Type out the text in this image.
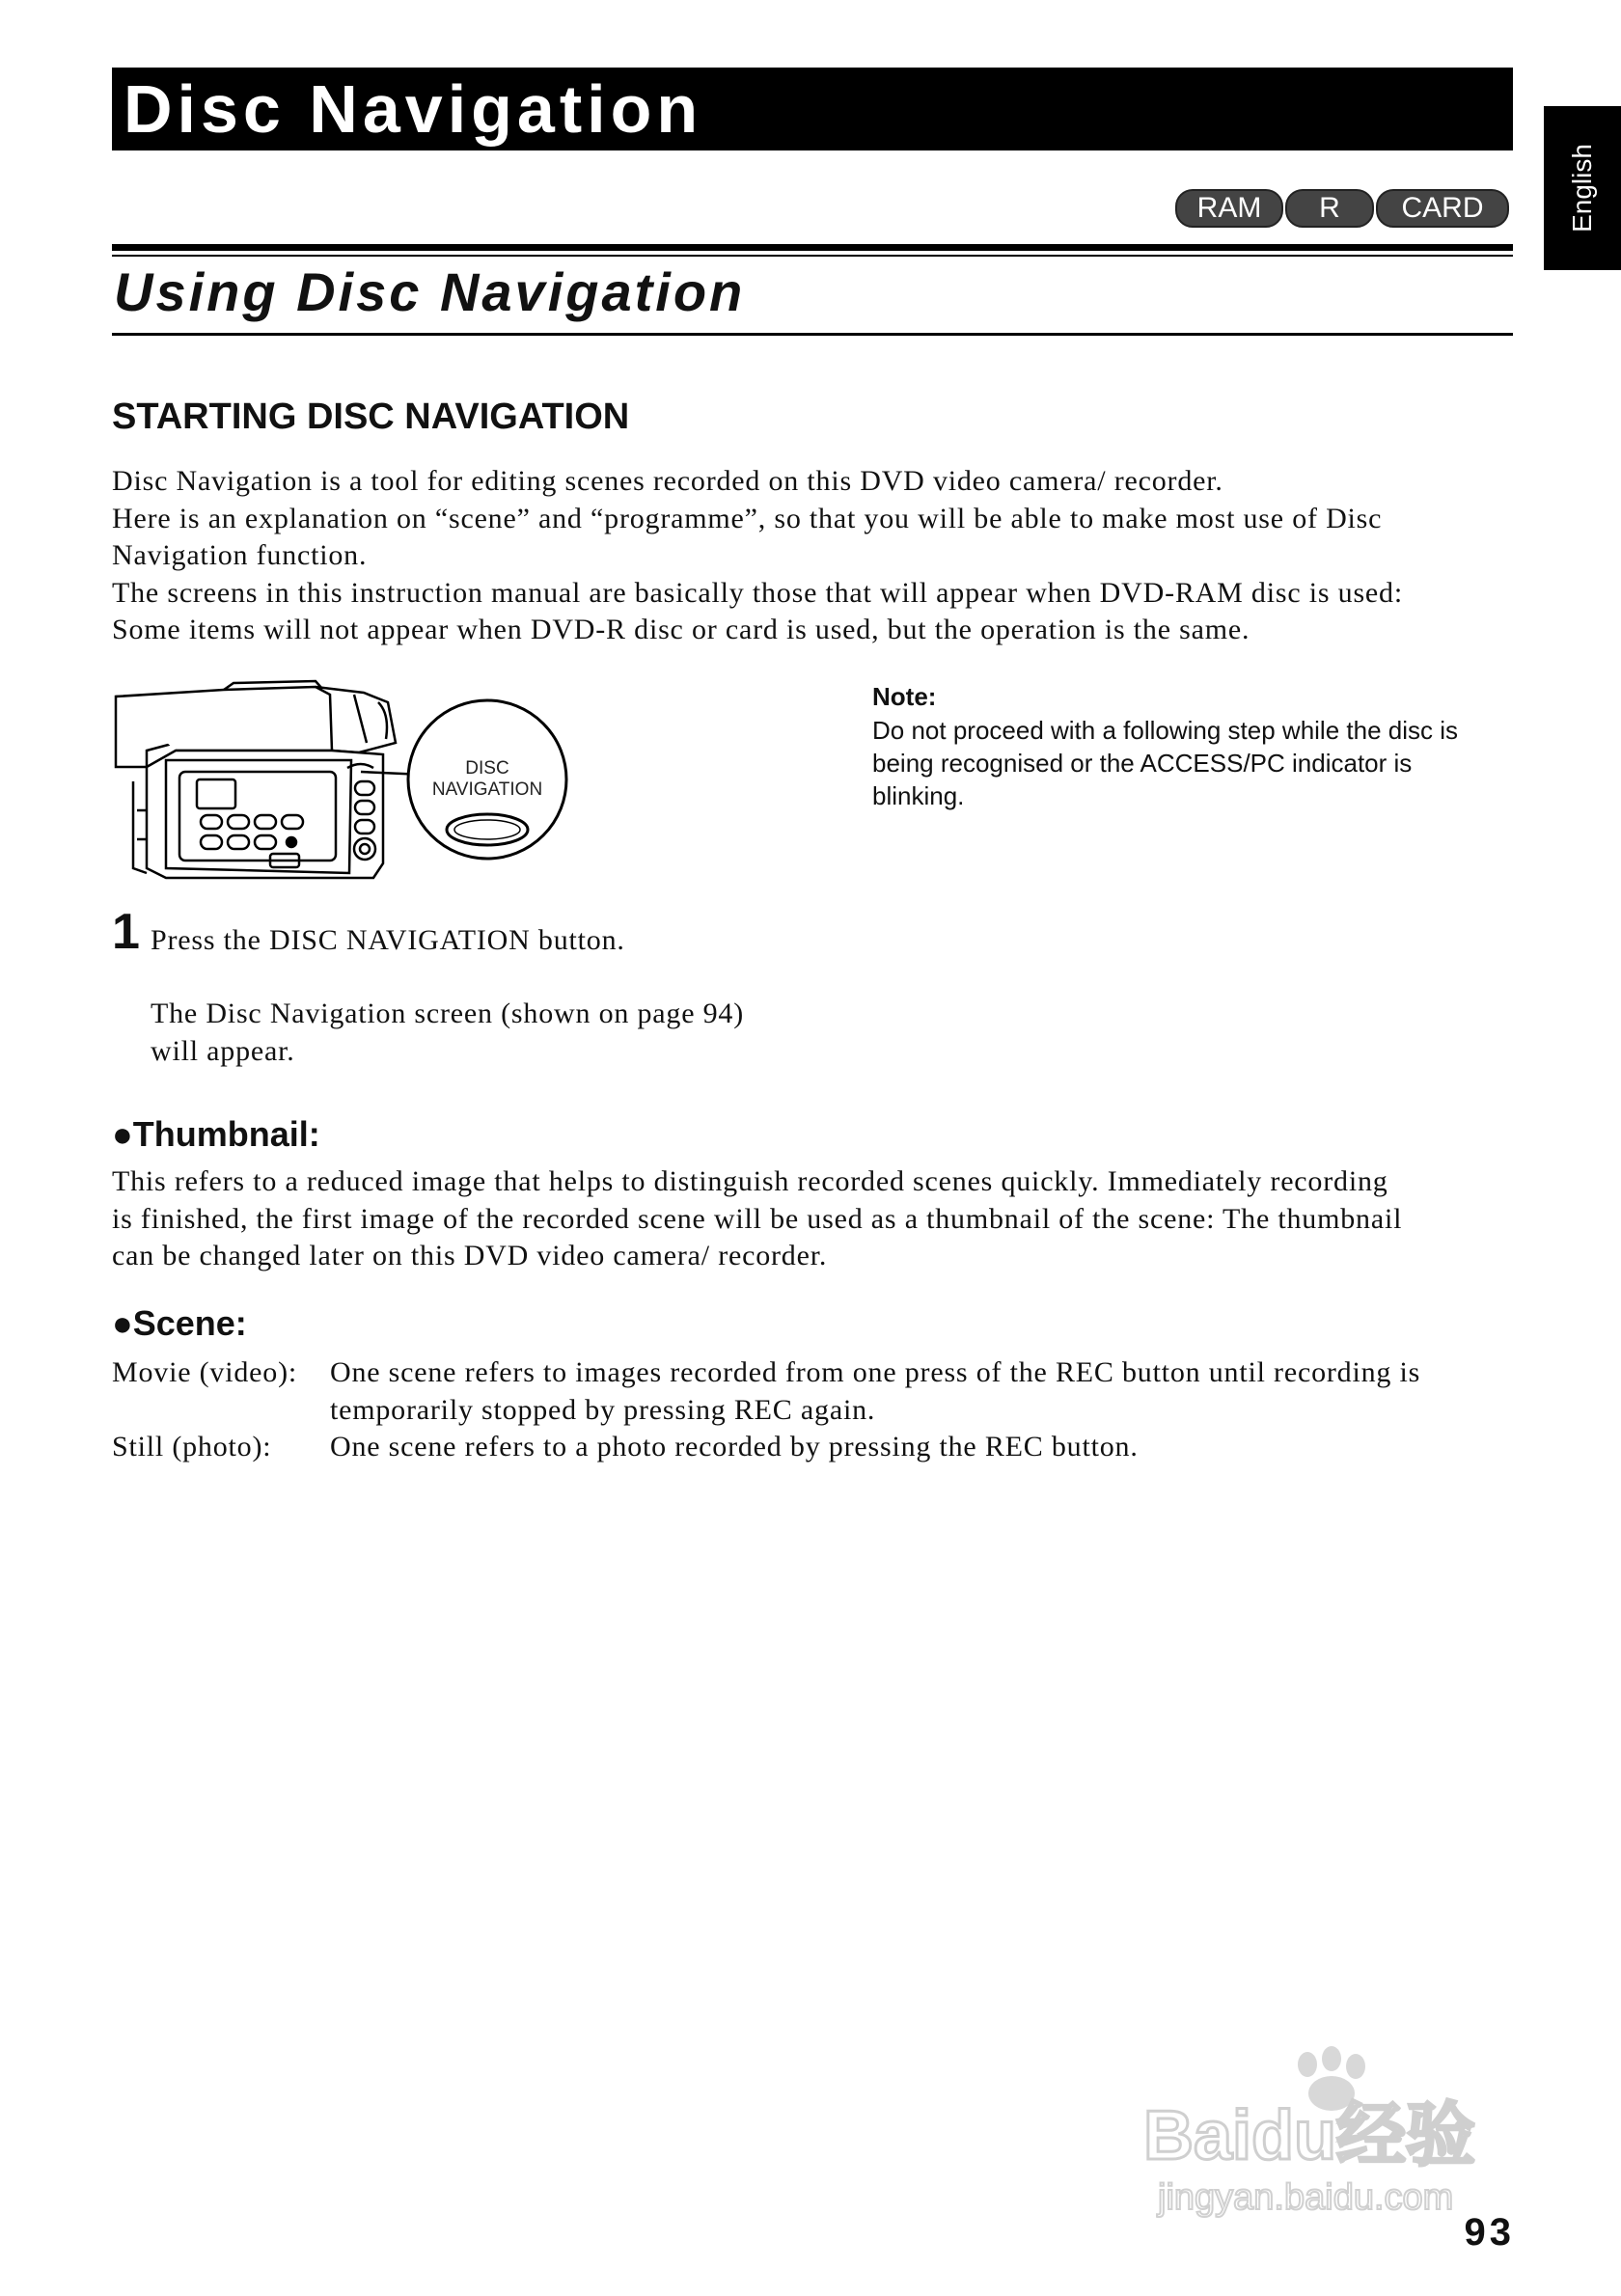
Disc Navigation
English
RAM	R	CARD
Using Disc Navigation
STARTING DISC NAVIGATION
Disc Navigation is a tool for editing scenes recorded on this DVD video camera/ recorder.
Here is an explanation on “scene” and “programme”, so that you will be able to make most use of Disc
Navigation function.
The screens in this instruction manual are basically those that will appear when DVD-RAM disc is used:
Some items will not appear when DVD-R disc or card is used, but the operation is the same.
DISC
NAVIGATION
Note:
Do not proceed with a following step while the disc is
being recognised or the ACCESS/PC indicator is
blinking.
1 Press the DISC NAVIGATION button.
The Disc Navigation screen (shown on page 94)
will appear.
●Thumbnail:
This refers to a reduced image that helps to distinguish recorded scenes quickly. Immediately recording
is finished, the first image of the recorded scene will be used as a thumbnail of the scene: The thumbnail
can be changed later on this DVD video camera/ recorder.
●Scene:
Movie (video): One scene refers to images recorded from one press of the REC button until recording is
temporarily stopped by pressing REC again.
Still (photo): One scene refers to a photo recorded by pressing the REC button.
Baidu经验
jingyan.baidu.com
93
